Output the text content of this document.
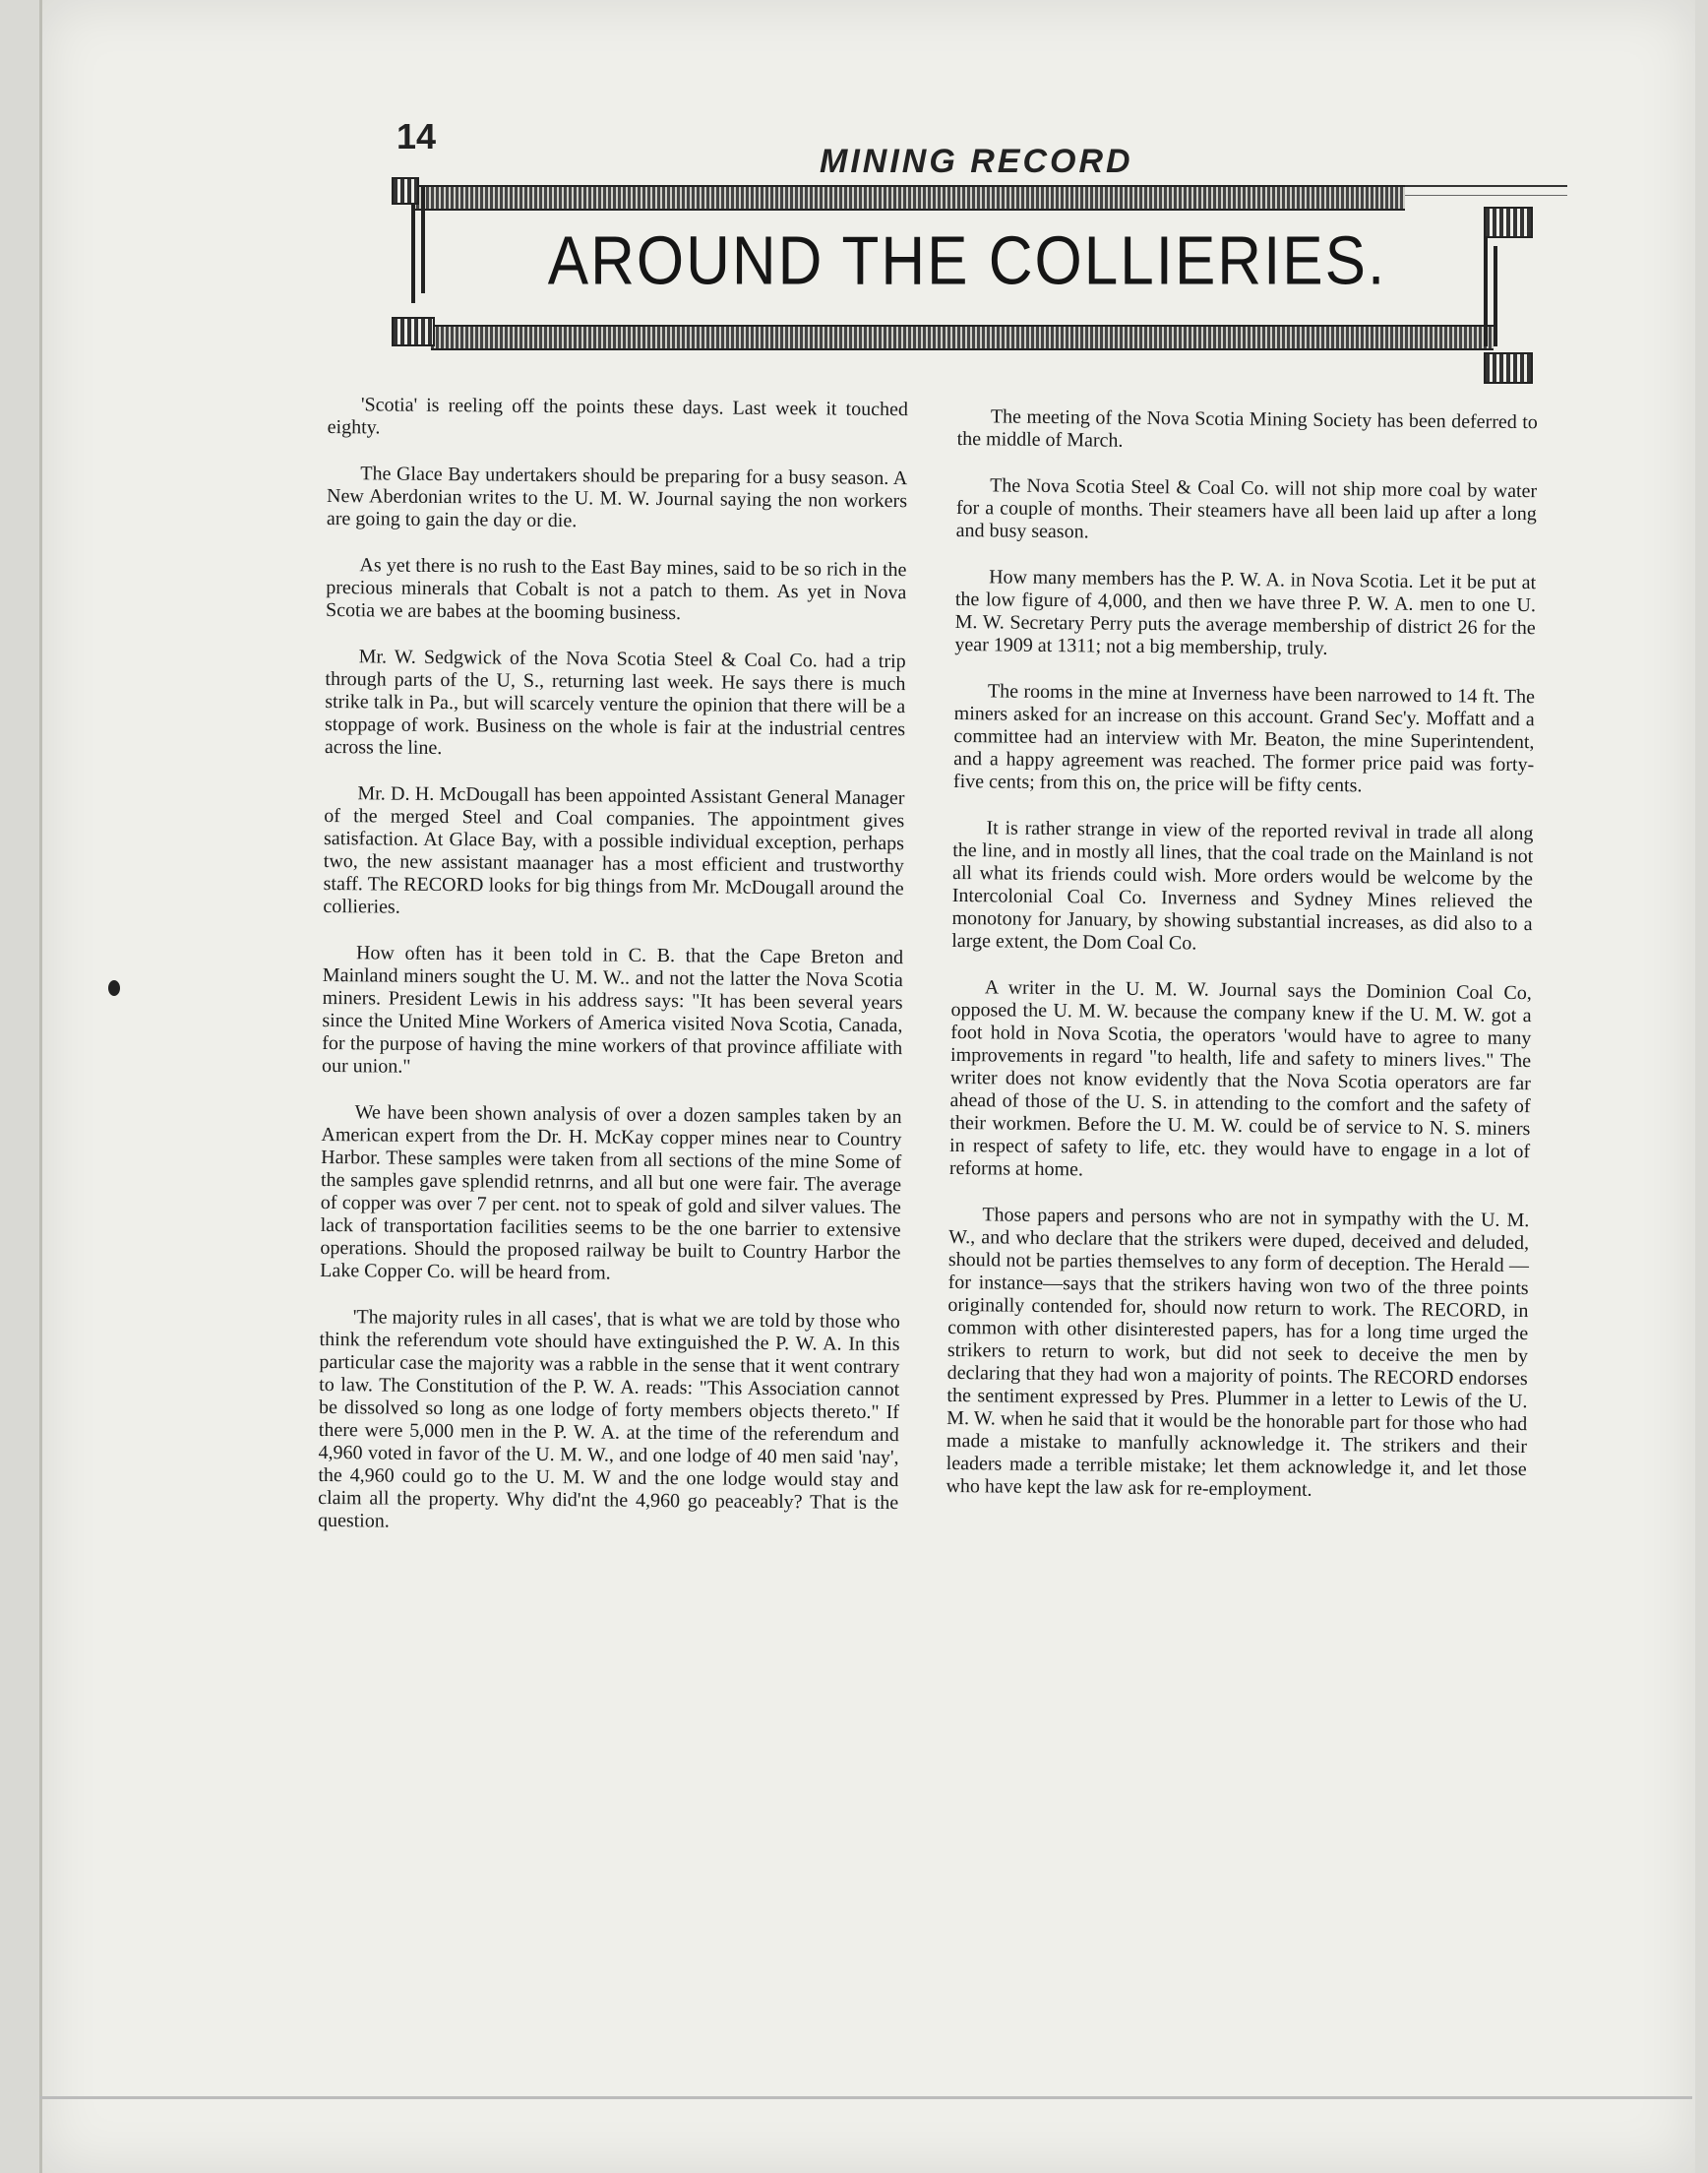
14
MINING RECORD
AROUND THE COLLIERIES.

'Scotia' is reeling off the points these days. Last week it touched eighty.

The Glace Bay undertakers should be preparing for a busy season. A New Aberdonian writes to the U. M. W. Journal saying the non workers are going to gain the day or die.

As yet there is no rush to the East Bay mines, said to be so rich in the precious minerals that Cobalt is not a patch to them. As yet in Nova Scotia we are babes at the booming business.

Mr. W. Sedgwick of the Nova Scotia Steel & Coal Co. had a trip through parts of the U, S., returning last week. He says there is much strike talk in Pa., but will scarcely venture the opinion that there will be a stoppage of work. Business on the whole is fair at the industrial centres across the line.

Mr. D. H. McDougall has been appointed Assistant General Manager of the merged Steel and Coal companies. The appointment gives satisfaction. At Glace Bay, with a possible individual exception, perhaps two, the new assistant maanager has a most efficient and trustworthy staff. The RECORD looks for big things from Mr. McDougall around the collieries.

How often has it been told in C. B. that the Cape Breton and Mainland miners sought the U. M. W.. and not the latter the Nova Scotia miners. President Lewis in his address says: "It has been several years since the United Mine Workers of America visited Nova Scotia, Canada, for the purpose of having the mine workers of that province affiliate with our union."

We have been shown analysis of over a dozen samples taken by an American expert from the Dr. H. McKay copper mines near to Country Harbor. These samples were taken from all sections of the mine Some of the samples gave splendid retnrns, and all but one were fair. The average of copper was over 7 per cent. not to speak of gold and silver values. The lack of transportation facilities seems to be the one barrier to extensive operations. Should the proposed railway be built to Country Harbor the Lake Copper Co. will be heard from.

'The majority rules in all cases', that is what we are told by those who think the referendum vote should have extinguished the P. W. A. In this particular case the majority was a rabble in the sense that it went contrary to law. The Constitution of the P. W. A. reads: "This Association cannot be dissolved so long as one lodge of forty members objects thereto." If there were 5,000 men in the P. W. A. at the time of the referendum and 4,960 voted in favor of the U. M. W., and one lodge of 40 men said 'nay', the 4,960 could go to the U. M. W and the one lodge would stay and claim all the property. Why did'nt the 4,960 go peaceably? That is the question.

The meeting of the Nova Scotia Mining Society has been deferred to the middle of March.

The Nova Scotia Steel & Coal Co. will not ship more coal by water for a couple of months. Their steamers have all been laid up after a long and busy season.

How many members has the P. W. A. in Nova Scotia. Let it be put at the low figure of 4,000, and then we have three P. W. A. men to one U. M. W. Secretary Perry puts the average membership of district 26 for the year 1909 at 1311; not a big membership, truly.

The rooms in the mine at Inverness have been narrowed to 14 ft. The miners asked for an increase on this account. Grand Sec'y. Moffatt and a committee had an interview with Mr. Beaton, the mine Superintendent, and a happy agreement was reached. The former price paid was forty-five cents; from this on, the price will be fifty cents.

It is rather strange in view of the reported revival in trade all along the line, and in mostly all lines, that the coal trade on the Mainland is not all what its friends could wish. More orders would be welcome by the Intercolonial Coal Co. Inverness and Sydney Mines relieved the monotony for January, by showing substantial increases, as did also to a large extent, the Dom Coal Co.

A writer in the U. M. W. Journal says the Dominion Coal Co, opposed the U. M. W. because the company knew if the U. M. W. got a foot hold in Nova Scotia, the operators 'would have to agree to many improvements in regard "to health, life and safety to miners lives." The writer does not know evidently that the Nova Scotia operators are far ahead of those of the U. S. in attending to the comfort and the safety of their workmen. Before the U. M. W. could be of service to N. S. miners in respect of safety to life, etc. they would have to engage in a lot of reforms at home.

Those papers and persons who are not in sympathy with the U. M. W., and who declare that the strikers were duped, deceived and deluded, should not be parties themselves to any form of deception. The Herald —for instance—says that the strikers having won two of the three points originally contended for, should now return to work. The RECORD, in common with other disinterested papers, has for a long time urged the strikers to return to work, but did not seek to deceive the men by declaring that they had won a majority of points. The RECORD endorses the sentiment expressed by Pres. Plummer in a letter to Lewis of the U. M. W. when he said that it would be the honorable part for those who had made a mistake to manfully acknowledge it. The strikers and their leaders made a terrible mistake; let them acknowledge it, and let those who have kept the law ask for re-employment.
